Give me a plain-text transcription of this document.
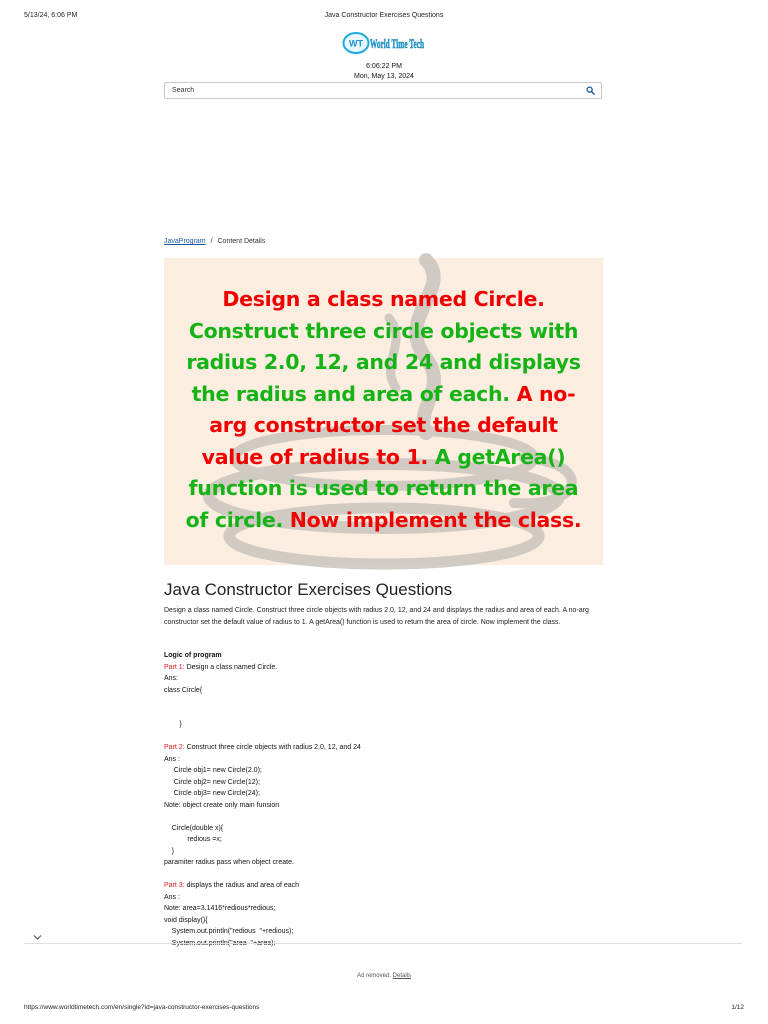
5/13/24, 6:06 PM	Java Constructor Exercises Questions
WT World Time Tech
6:06:22 PM
Mon, May 13, 2024
Search
JavaProgram / Content Details
Design a class named Circle.
Construct three circle objects with
radius 2.0, 12, and 24 and displays
the radius and area of each. A no-
arg constructor set the default
value of radius to 1. A getArea()
function is used to return the area
of circle. Now implement the class.
Java Constructor Exercises Questions
Design a class named Circle. Construct three circle objects with radius 2.0, 12, and 24 and displays the radius and area of each. A no-arg constructor set the default value of radius to 1. A getArea() function is used to return the area of circle. Now implement the class.
Logic of program
Part 1: Design a class named Circle.
Ans:
class Circle{
}
Part 2: Construct three circle objects with radius 2.0, 12, and 24
Ans :
Circle obj1= new Circle(2.0);
Circle obj2= new Circle(12);
Circle obj3= new Circle(24);
Note: object create only main funsion
Circle(double x){
redious =x;
}
paramiter radius pass when object create.
Part 3: displays the radius and area of each
Ans :
Note: area=3.1416*redious*redious;
void display(){
System.out.println("redious  "+redious);
Ad removed. Details
https://www.worldtimetech.com/en/single?id=java-constructor-exercises-questions	1/12
